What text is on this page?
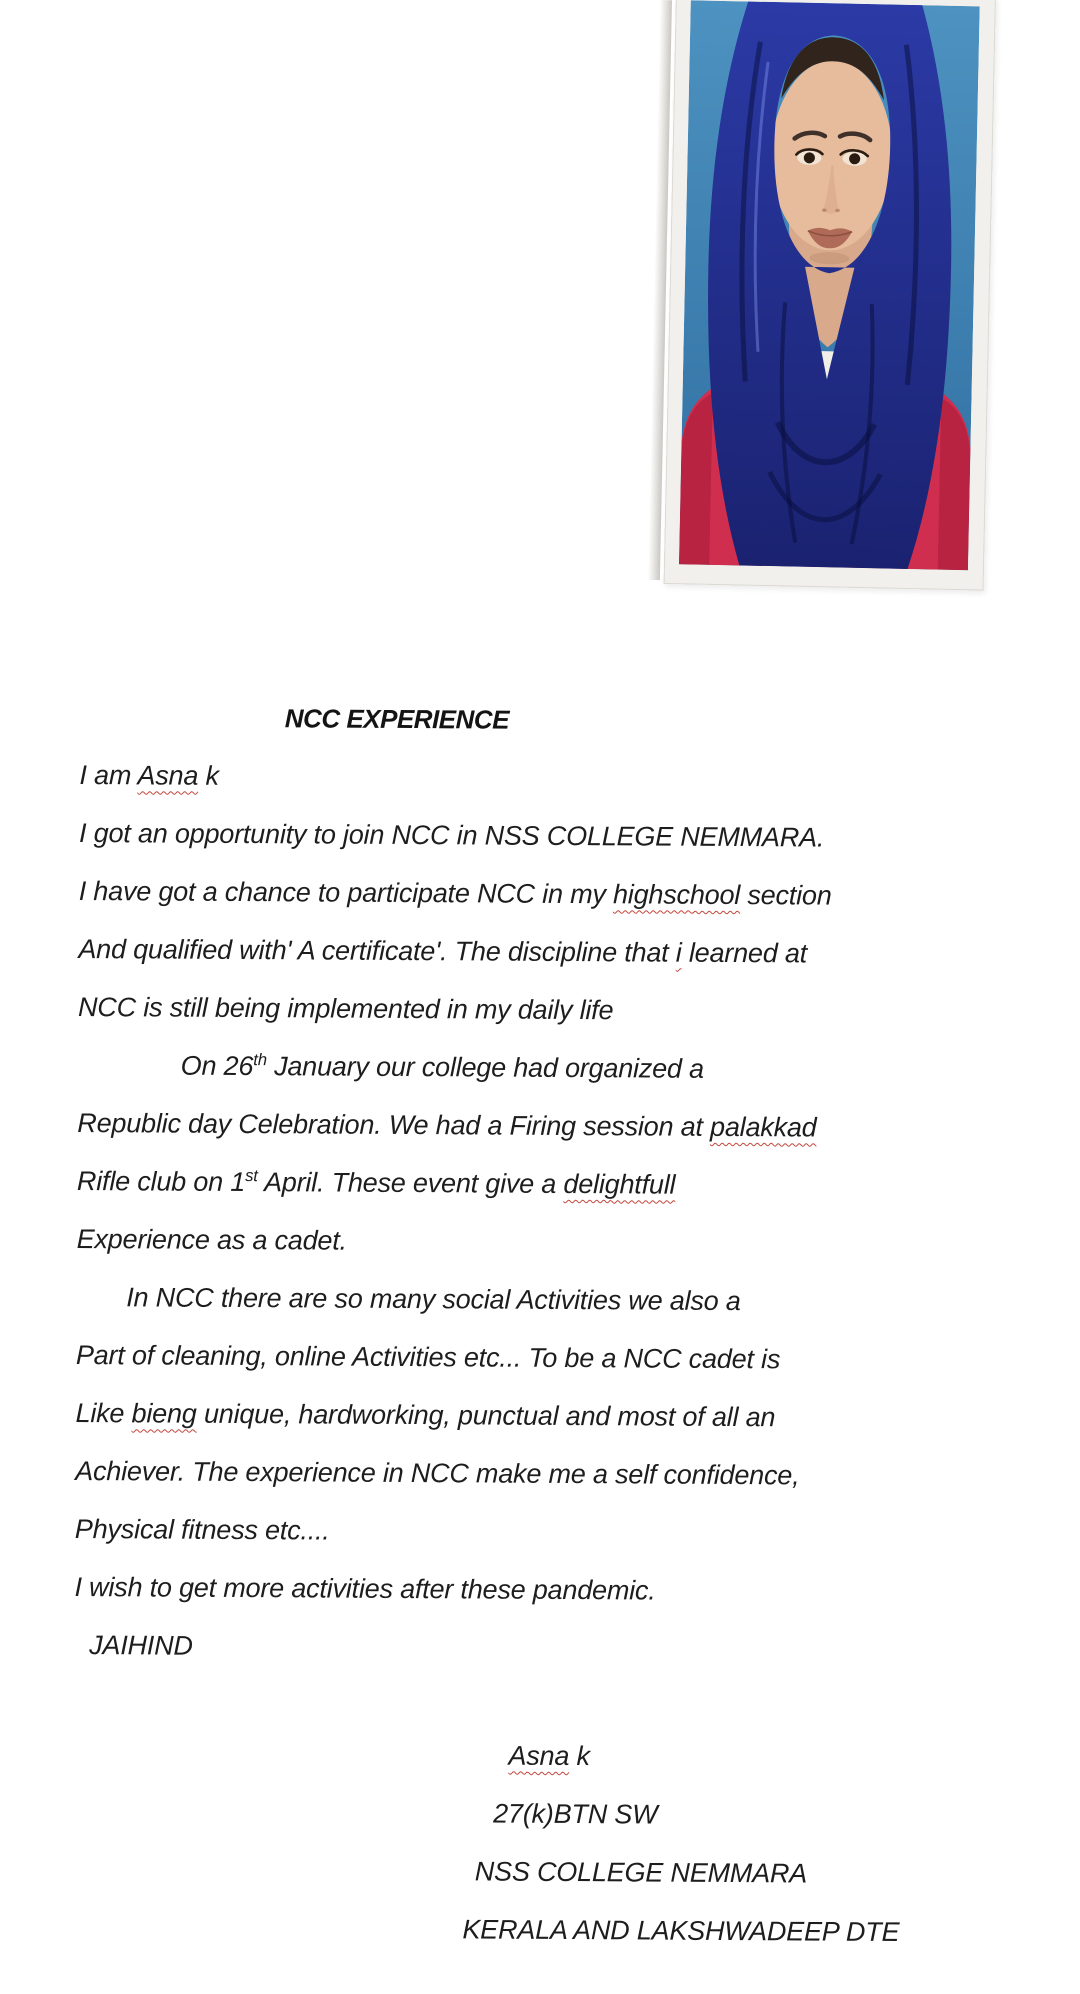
NCC EXPERIENCE
I am Asna k
I got an opportunity to join NCC in NSS COLLEGE NEMMARA.
I have got a chance to participate NCC in my highschool section
And qualified with' A certificate'. The discipline that i learned at
NCC is still being implemented in my daily life
On 26th January our college had organized a
Republic day Celebration. We had a Firing session at palakkad
Rifle club on 1st April. These event give a delightfull
Experience as a cadet.
In NCC there are so many social Activities we also a
Part of cleaning, online Activities etc... To be a NCC cadet is
Like bieng unique, hardworking, punctual and most of all an
Achiever. The experience in NCC make me a self confidence,
Physical fitness etc....
I wish to get more activities after these pandemic.
JAIHIND
Asna k
27(k)BTN SW
NSS COLLEGE NEMMARA
KERALA AND LAKSHWADEEP DTE
